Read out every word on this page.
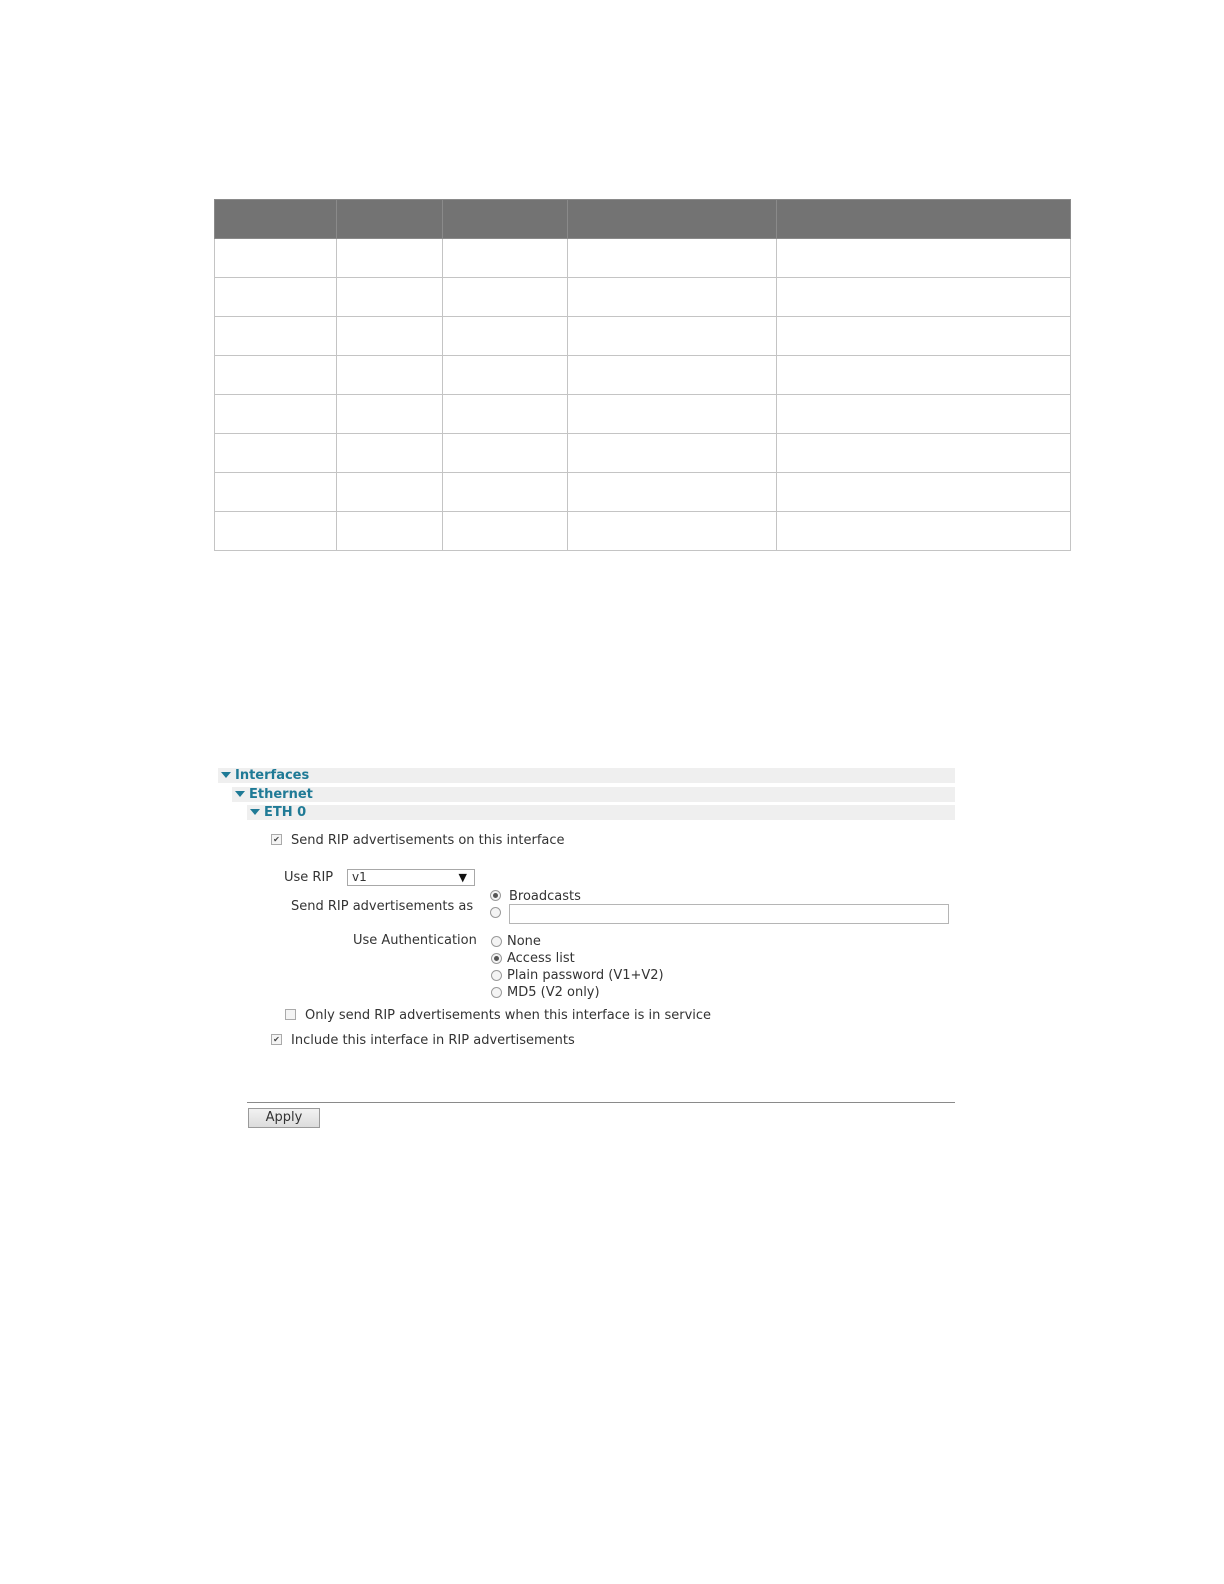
Interfaces
Ethernet
ETH 0
✔ Send RIP advertisements on this interface
Use RIP v1	▼
Send RIP advertisements as
Broadcasts
Use Authentication None
Access list
Plain password (V1+V2)
MD5 (V2 only)
Only send RIP advertisements when this interface is in service
✔ Include this interface in RIP advertisements
Apply
